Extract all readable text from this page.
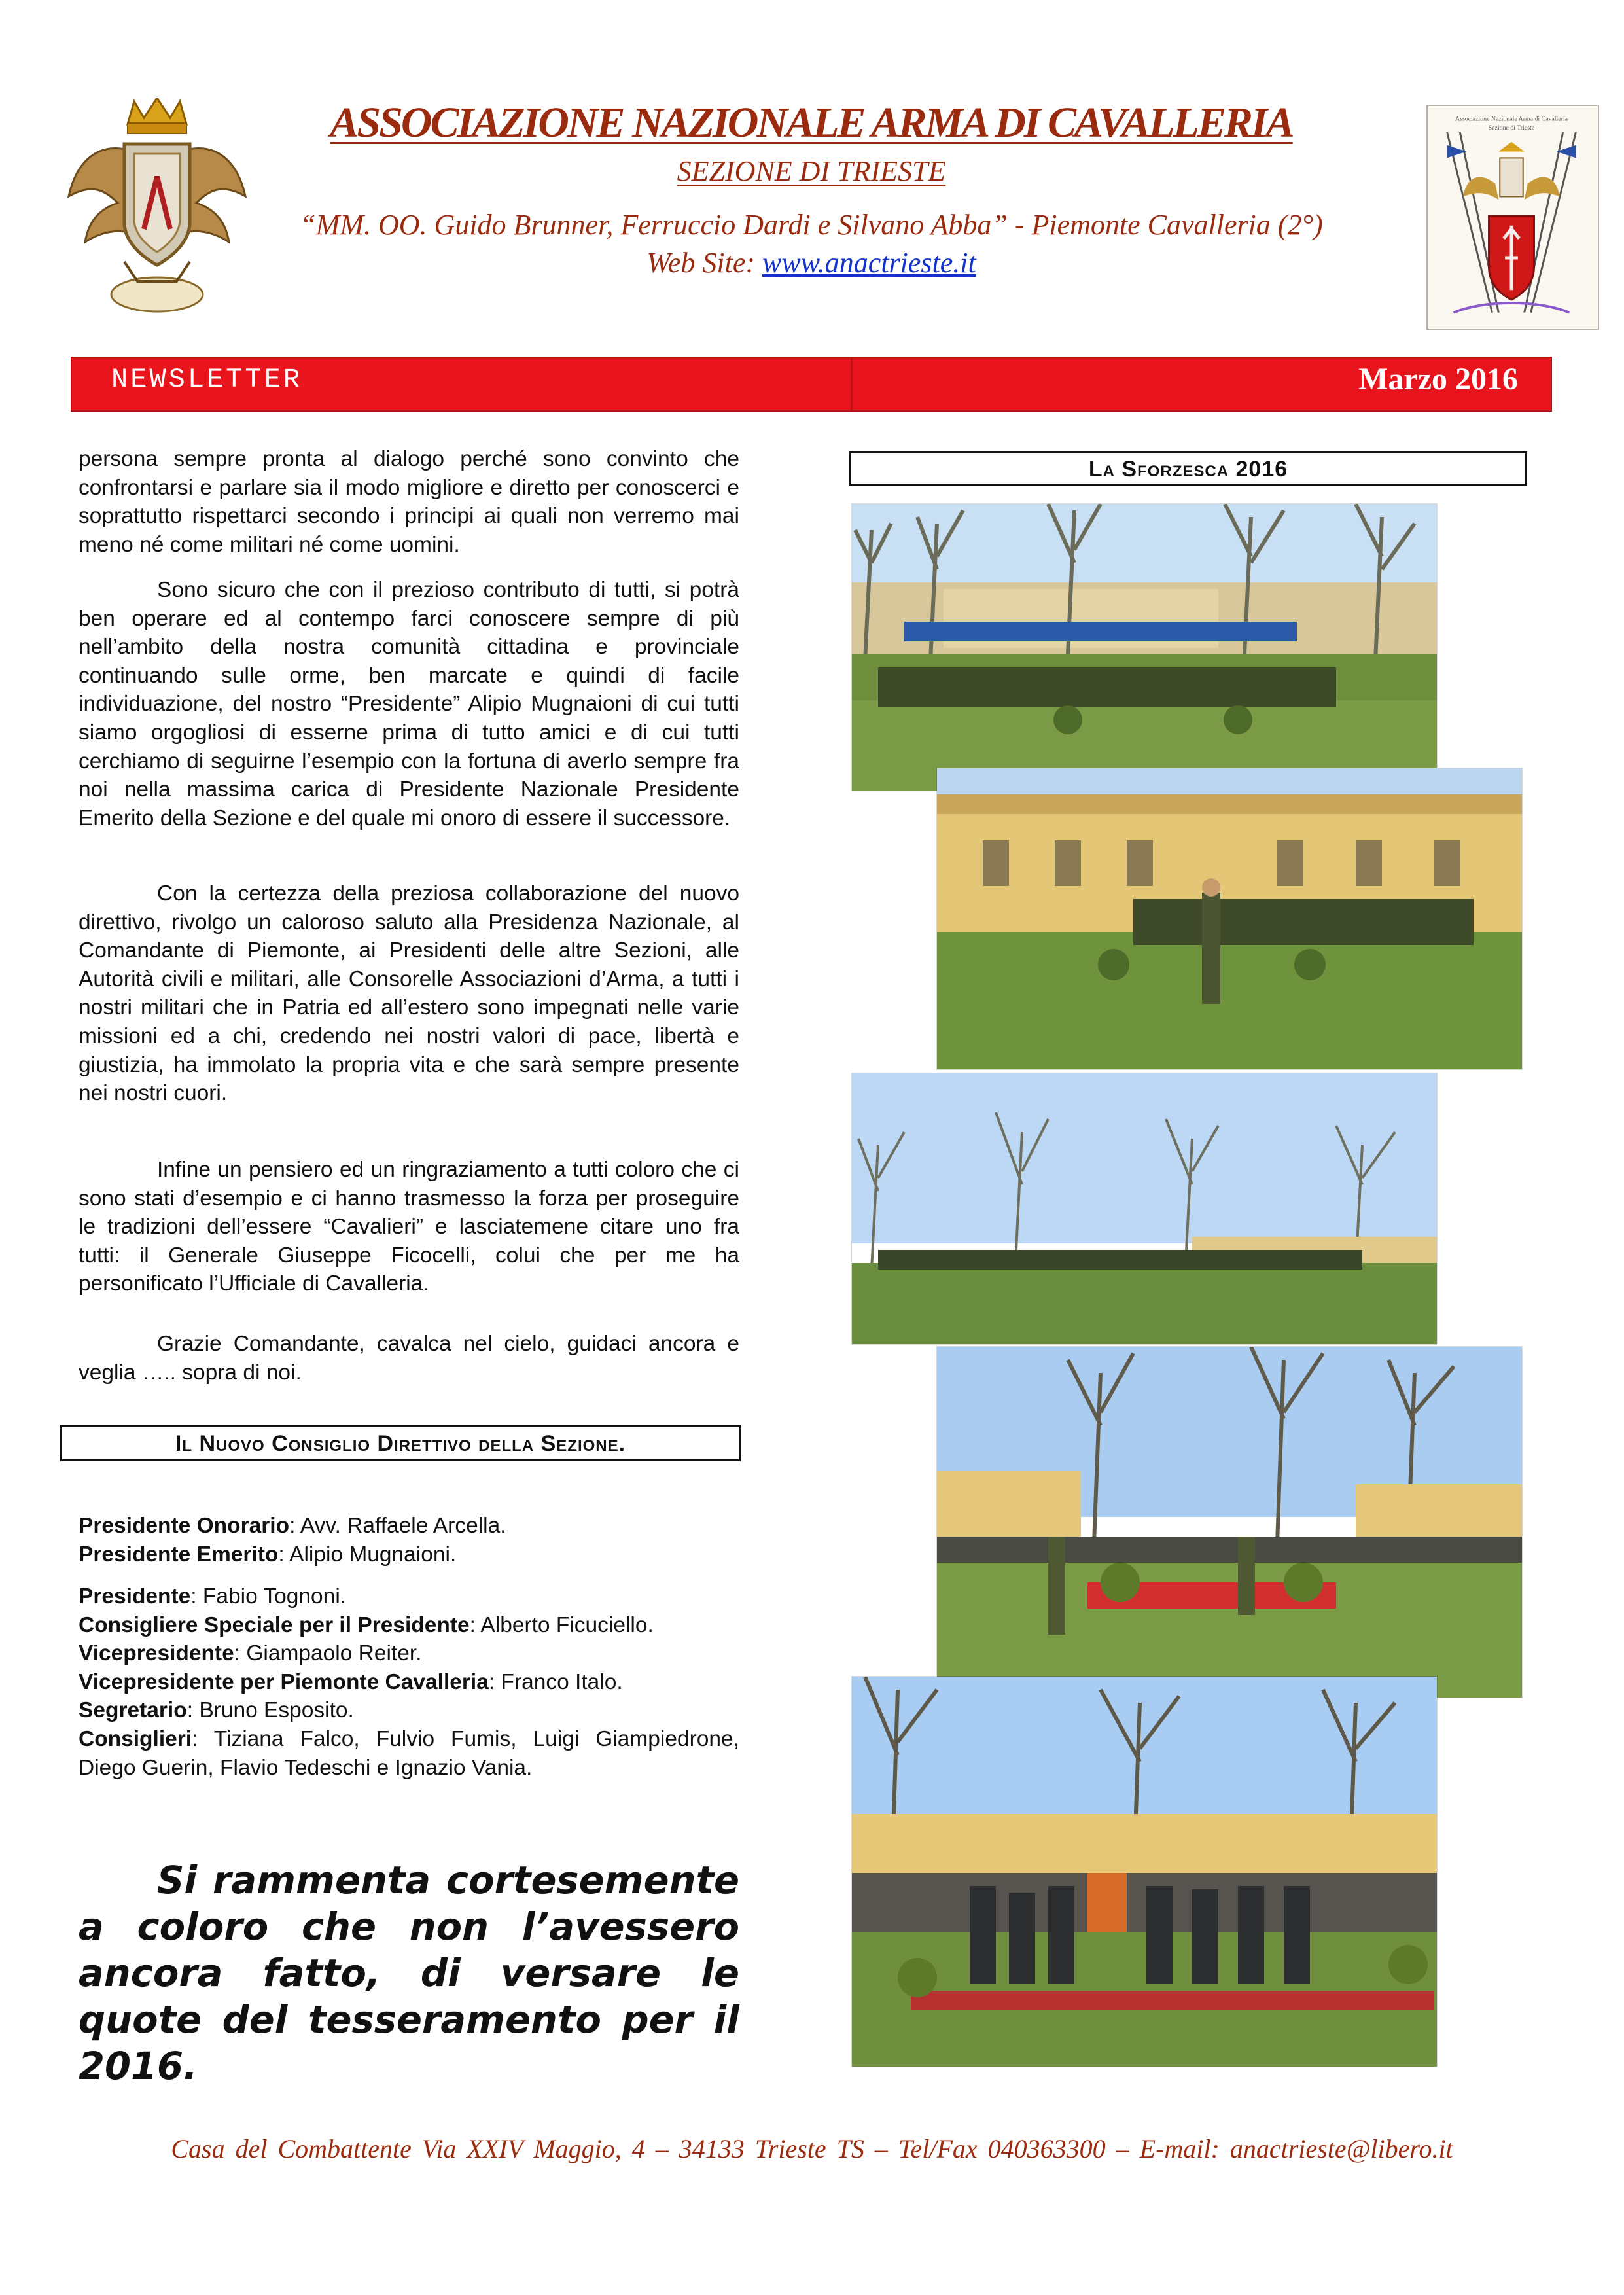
ASSOCIAZIONE NAZIONALE ARMA DI CAVALLERIA
SEZIONE DI TRIESTE
“MM. OO. Guido Brunner, Ferruccio Dardi e Silvano Abba” - Piemonte Cavalleria (2°)
Web Site: www.anactrieste.it
Associazione Nazionale Arma di Cavalleria
Sezione di Trieste
NEWSLETTER	Marzo 2016

persona sempre pronta al dialogo perché sono convinto che confrontarsi e parlare sia il modo migliore e diretto per conoscerci e soprattutto rispettarci secondo i principi ai quali non verremo mai meno né come militari né come uomini.

Sono sicuro che con il prezioso contributo di tutti, si potrà ben operare ed al contempo farci conoscere sempre di più nell’ambito della nostra comunità cittadina e provinciale continuando sulle orme, ben marcate e quindi di facile individuazione, del nostro “Presidente” Alipio Mugnaioni di cui tutti siamo orgogliosi di esserne prima di tutto amici e di cui tutti cerchiamo di seguirne l’esempio con la fortuna di averlo sempre fra noi nella massima carica di Presidente Nazionale Presidente Emerito della Sezione e del quale mi onoro di essere il successore.

Con la certezza della preziosa collaborazione del nuovo direttivo, rivolgo un caloroso saluto alla Presidenza Nazionale, al Comandante di Piemonte, ai Presidenti delle altre Sezioni, alle Autorità civili e militari, alle Consorelle Associazioni d’Arma, a tutti i nostri militari che in Patria ed all’estero sono impegnati nelle varie missioni ed a chi, credendo nei nostri valori di pace, libertà e giustizia, ha immolato la propria vita e che sarà sempre presente nei nostri cuori.

Infine un pensiero ed un ringraziamento a tutti coloro che ci sono stati d’esempio e ci hanno trasmesso la forza per proseguire le tradizioni dell’essere “Cavalieri” e lasciatemene citare uno fra tutti: il Generale Giuseppe Ficocelli, colui che per me ha personificato l’Ufficiale di Cavalleria.

Grazie Comandante, cavalca nel cielo, guidaci ancora e veglia ….. sopra di noi.

Il Nuovo Consiglio Direttivo della Sezione.

Presidente Onorario: Avv. Raffaele Arcella.

Presidente Emerito: Alipio Mugnaioni.

Presidente: Fabio Tognoni.

Consigliere Speciale per il Presidente: Alberto Ficuciello.

Vicepresidente: Giampaolo Reiter.

Vicepresidente per Piemonte Cavalleria: Franco Italo.

Segretario: Bruno Esposito.

Consiglieri: Tiziana Falco, Fulvio Fumis, Luigi Giampiedrone, Diego Guerin, Flavio Tedeschi e Ignazio Vania.

Si rammenta cortesemente a coloro che non l’avessero ancora fatto, di versare le quote del tesseramento per il 2016.

La Sforzesca 2016
Casa del Combattente Via XXIV Maggio, 4 – 34133 Trieste TS – Tel/Fax 040363300 – E-mail: anactrieste@libero.it
